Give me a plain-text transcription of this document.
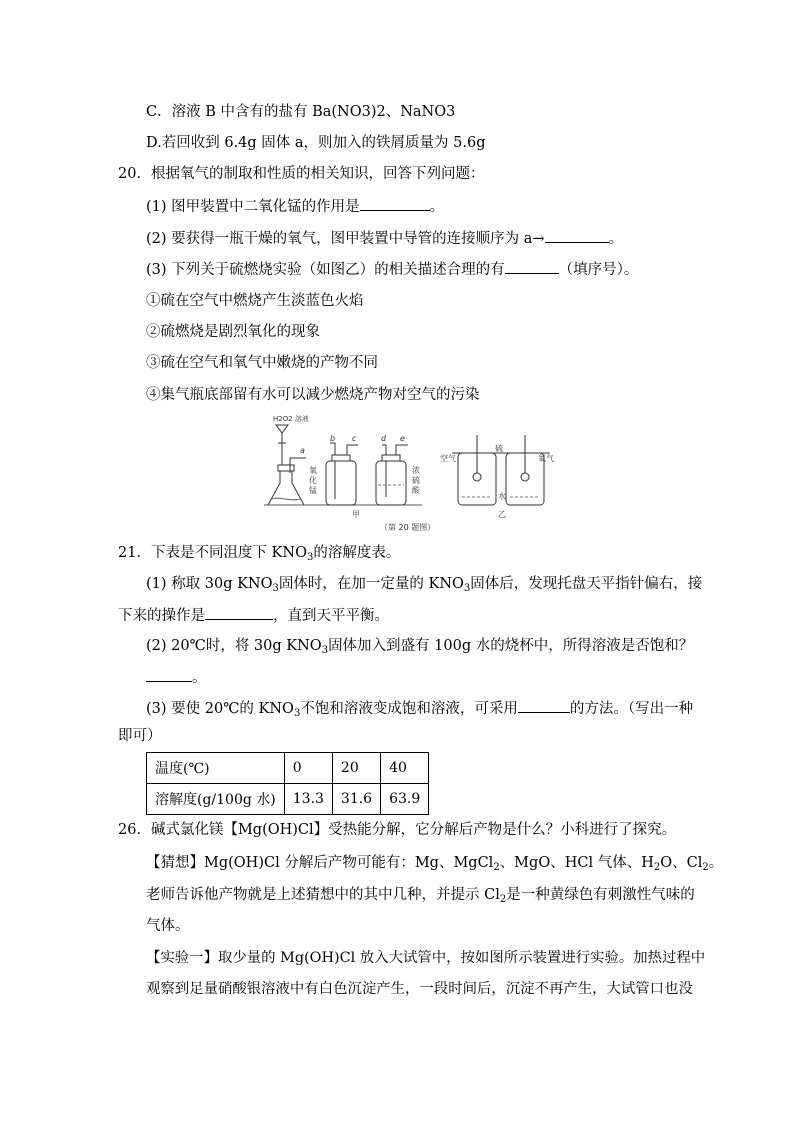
C．溶液 B 中含有的盐有 Ba(NO3)2、NaNO3
D.若回收到 6.4g 固体 a，则加入的铁屑质量为 5.6g
20．根据氧气的制取和性质的相关知识，回答下列问题：
(1) 图甲装置中二氧化锰的作用是	。
(2) 要获得一瓶干燥的氧气，图甲装置中导管的连接顺序为 a→	。
(3) 下列关于硫燃烧实验（如图乙）的相关描述合理的有	（填序号）。
①硫在空气中燃烧产生淡蓝色火焰
②硫燃烧是剧烈氧化的现象
③硫在空气和氧气中嫩烧的产物不同
④集气瓶底部留有水可以减少燃烧产物对空气的污染
H2O2 溶液
a
b c	d e
氧
化
锰
浓
硫
酸
空气
硫
氧气
水
甲	乙
（第 20 题图）
21．下表是不同沮度下 $KNO_3$的溶解度表。
(1) 称取 30g $KNO_3$固体时，在加一定量的 $KNO_3$固体后，发现托盘天平指针偏右，接
下来的操作是	，直到天平平衡。
(2) 20℃时，将 30g $KNO_3$固体加入到盛有 100g 水的烧杯中，所得溶液是否饱和？
。
(3) 要使 20℃的 $KNO_3$不饱和溶液变成饱和溶液，可采用	的方法。（写出一种
即可）
温度(℃)	0	20	40
溶解度(g/100g 水)	13.3	31.6	63.9
26．碱式氯化镁【Mg(OH)Cl】受热能分解，它分解后产物是什么？小科进行了探究。
【猜想】Mg(OH)Cl 分解后产物可能有：Mg、MgCl$_2$、MgO、HCl 气体、$H_2O$、$Cl_2$。
老师告诉他产物就是上述猜想中的其中几种，并提示 $Cl_2$是一种黄绿色有刺激性气味的
气体。
【实验一】取少量的 Mg(OH)Cl 放入大试管中，按如图所示装置进行实验。加热过程中
观察到足量硝酸银溶液中有白色沉淀产生，一段时间后，沉淀不再产生，大试管口也没
